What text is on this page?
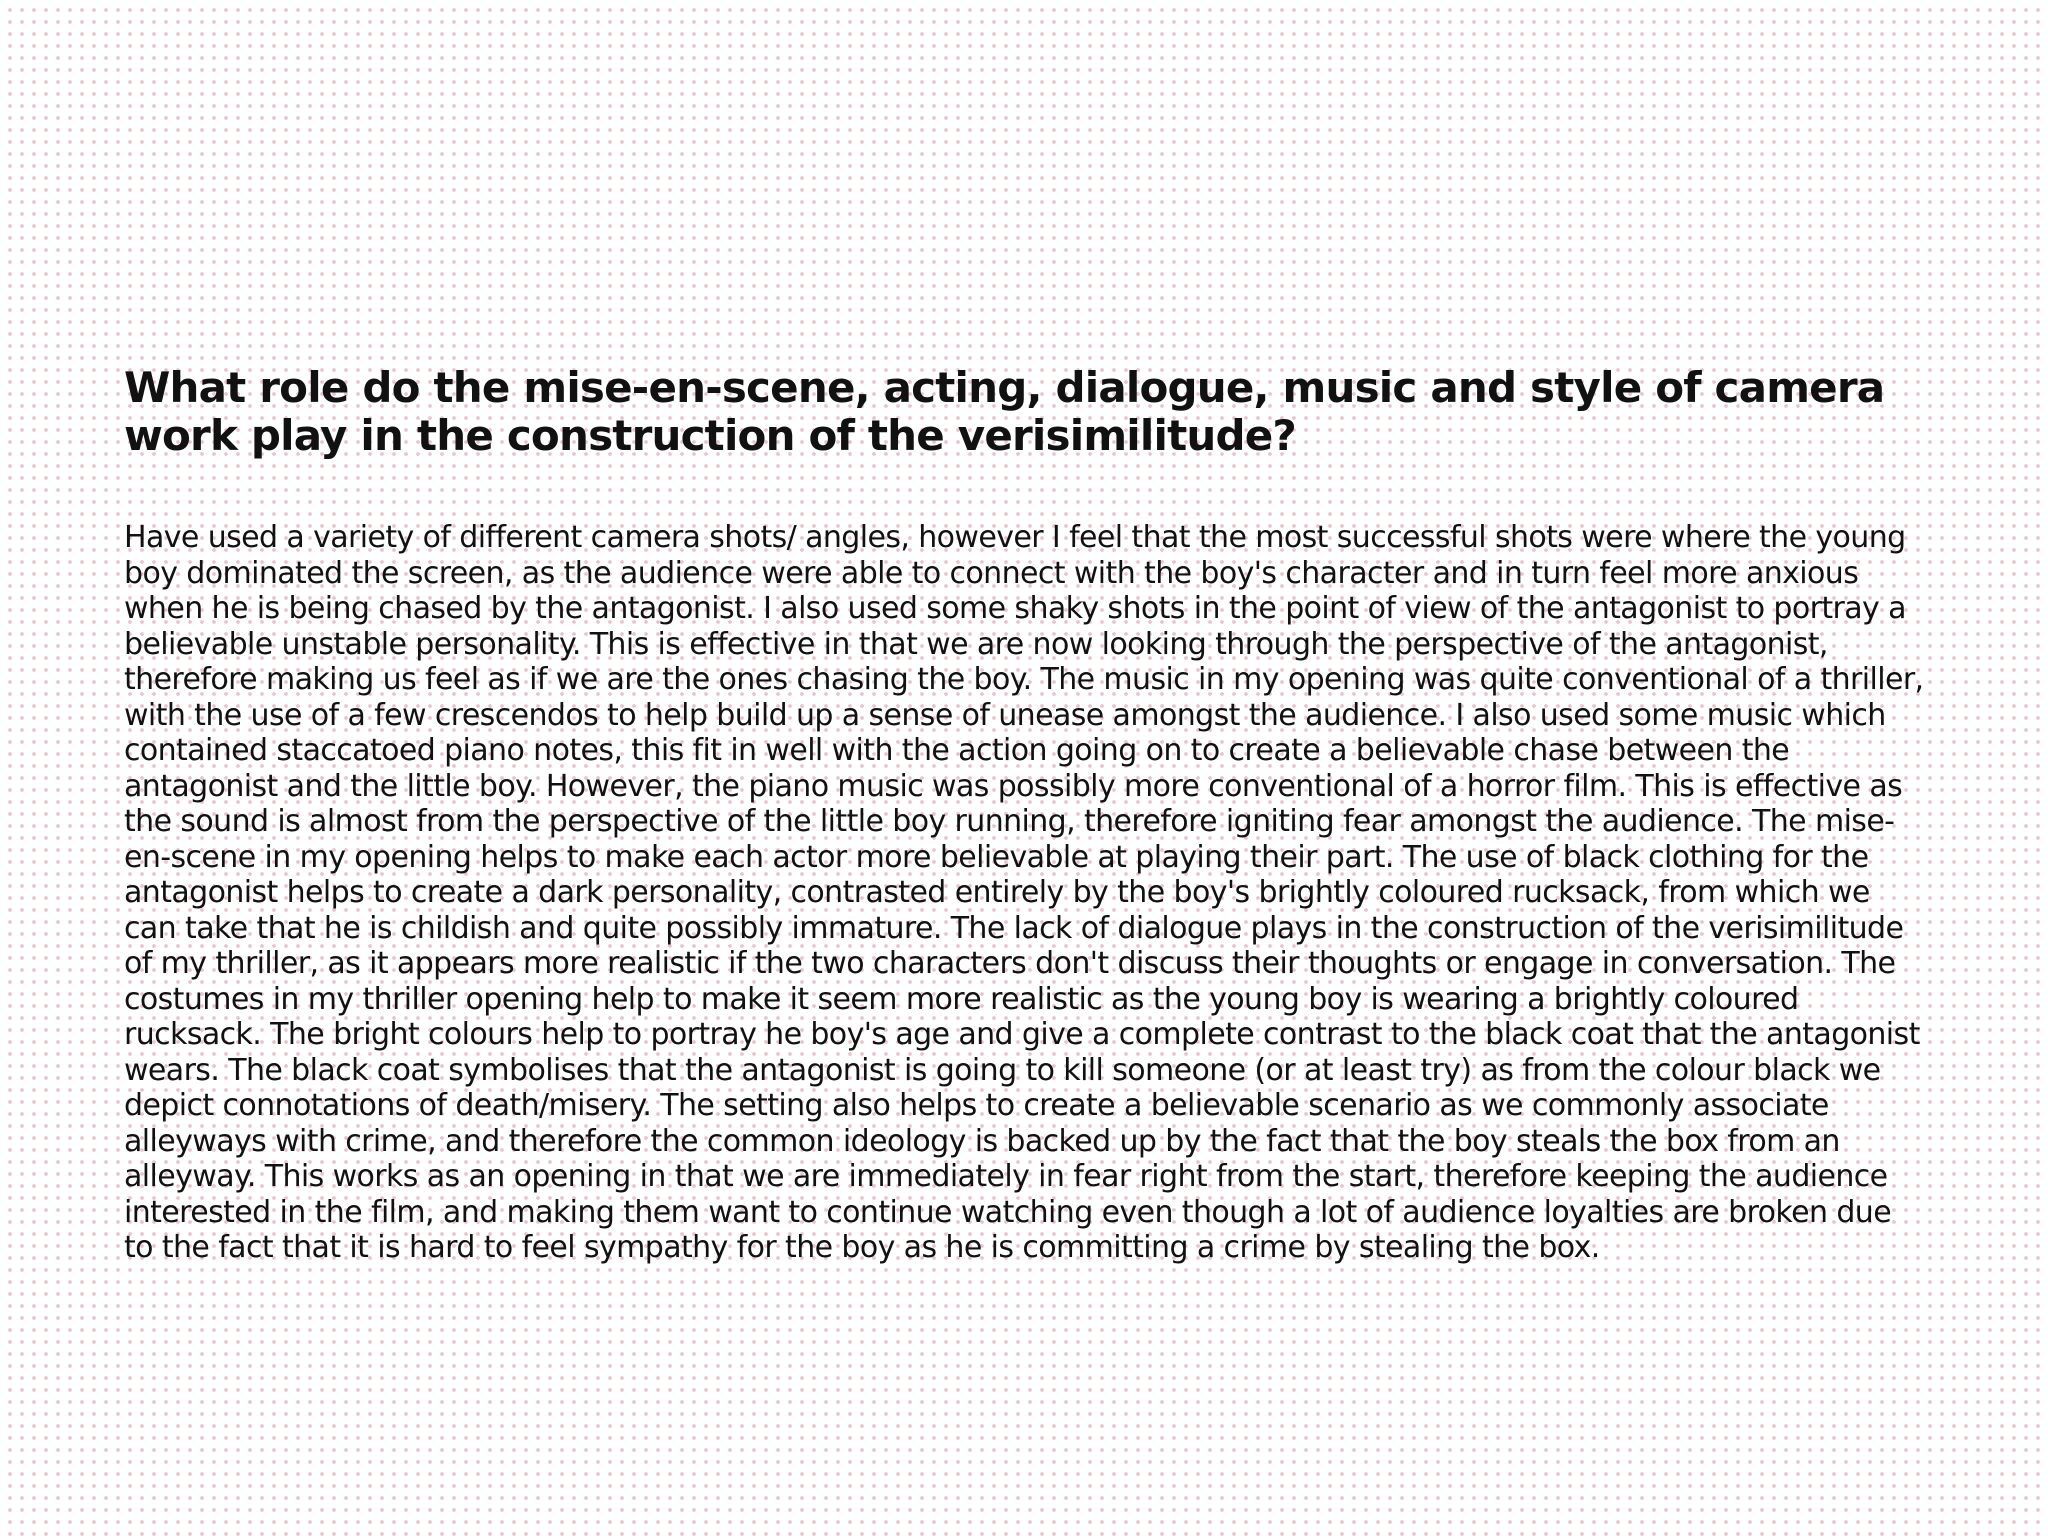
What role do the mise-en-scene, acting, dialogue, music and style of camera work play in the construction of the verisimilitude?

Have used a variety of different camera shots/ angles, however I feel that the most successful shots were where the young boy dominated the screen, as the audience were able to connect with the boy's character and in turn feel more anxious when he is being chased by the antagonist. I also used some shaky shots in the point of view of the antagonist to portray a believable unstable personality. This is effective in that we are now looking through the perspective of the antagonist, therefore making us feel as if we are the ones chasing the boy. The music in my opening was quite conventional of a thriller, with the use of a few crescendos to help build up a sense of unease amongst the audience. I also used some music which contained staccatoed piano notes, this fit in well with the action going on to create a believable chase between the antagonist and the little boy. However, the piano music was possibly more conventional of a horror film. This is effective as the sound is almost from the perspective of the little boy running, therefore igniting fear amongst the audience. The mise-en-scene in my opening helps to make each actor more believable at playing their part. The use of black clothing for the antagonist helps to create a dark personality, contrasted entirely by the boy's brightly coloured rucksack, from which we can take that he is childish and quite possibly immature. The lack of dialogue plays in the construction of the verisimilitude of my thriller, as it appears more realistic if the two characters don't discuss their thoughts or engage in conversation. The costumes in my thriller opening help to make it seem more realistic as the young boy is wearing a brightly coloured rucksack. The bright colours help to portray he boy's age and give a complete contrast to the black coat that the antagonist wears. The black coat symbolises that the antagonist is going to kill someone (or at least try) as from the colour black we depict connotations of death/misery. The setting also helps to create a believable scenario as we commonly associate alleyways with crime, and therefore the common ideology is backed up by the fact that the boy steals the box from an alleyway. This works as an opening in that we are immediately in fear right from the start, therefore keeping the audience interested in the film, and making them want to continue watching even though a lot of audience loyalties are broken due to the fact that it is hard to feel sympathy for the boy as he is committing a crime by stealing the box.
